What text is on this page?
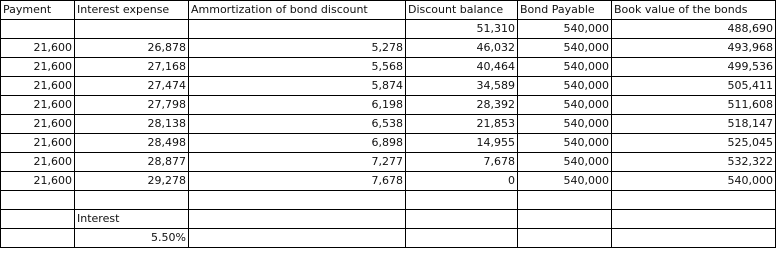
Payment	Interest expense	Ammortization of bond discount	Discount balance	Bond Payable	Book value of the bonds
			51,310	540,000	488,690
21,600	26,878	5,278	46,032	540,000	493,968
21,600	27,168	5,568	40,464	540,000	499,536
21,600	27,474	5,874	34,589	540,000	505,411
21,600	27,798	6,198	28,392	540,000	511,608
21,600	28,138	6,538	21,853	540,000	518,147
21,600	28,498	6,898	14,955	540,000	525,045
21,600	28,877	7,277	7,678	540,000	532,322
21,600	29,278	7,678	0	540,000	540,000

	Interest				
	5.50%				
